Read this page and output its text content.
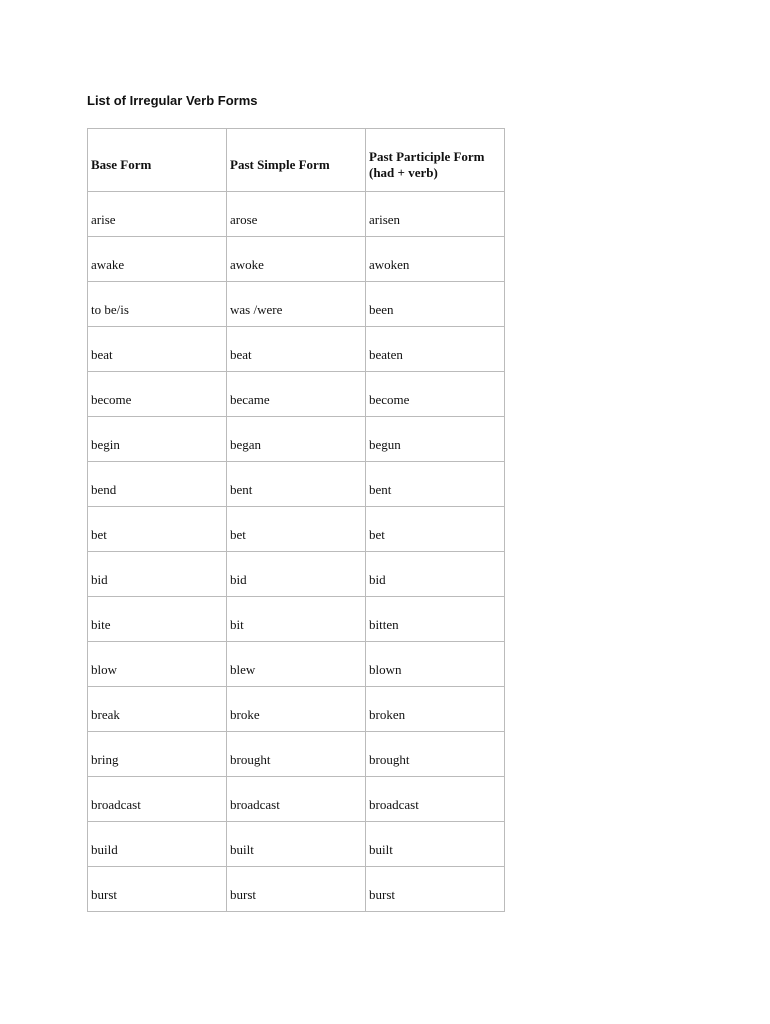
List of Irregular Verb Forms
Base Form	Past Simple Form	Past Participle Form (had + verb)
arise	arose	arisen
awake	awoke	awoken
to be/is	was /were	been
beat	beat	beaten
become	became	become
begin	began	begun
bend	bent	bent
bet	bet	bet
bid	bid	bid
bite	bit	bitten
blow	blew	blown
break	broke	broken
bring	brought	brought
broadcast	broadcast	broadcast
build	built	built
burst	burst	burst
